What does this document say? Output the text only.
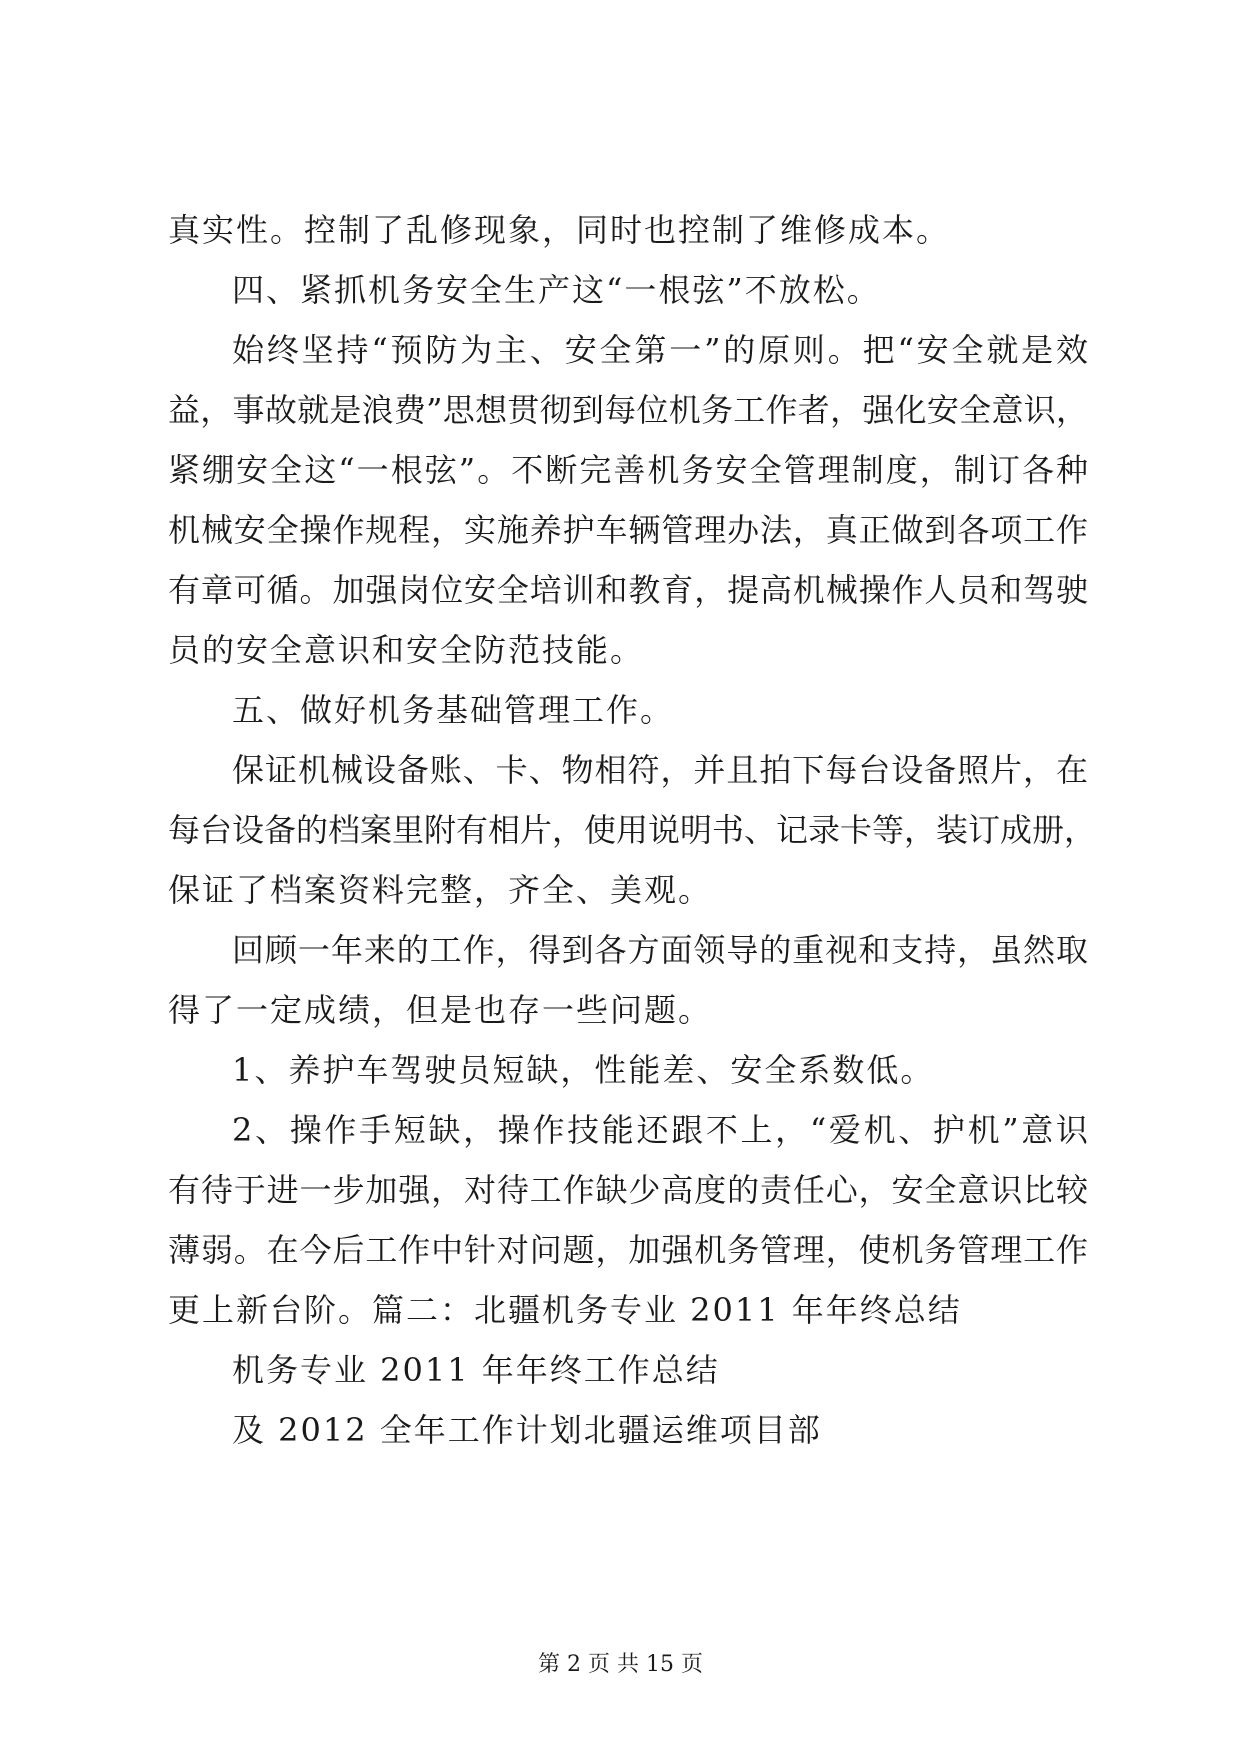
真实性。控制了乱修现象，同时也控制了维修成本。
四、紧抓机务安全生产这“一根弦”不放松。
始终坚持“预防为主、安全第一”的原则。把“安全就是效
益，事故就是浪费”思想贯彻到每位机务工作者，强化安全意识，
紧绷安全这“一根弦”。不断完善机务安全管理制度，制订各种
机械安全操作规程，实施养护车辆管理办法，真正做到各项工作
有章可循。加强岗位安全培训和教育，提高机械操作人员和驾驶
员的安全意识和安全防范技能。
五、做好机务基础管理工作。
保证机械设备账、卡、物相符，并且拍下每台设备照片，在
每台设备的档案里附有相片，使用说明书、记录卡等，装订成册，
保证了档案资料完整，齐全、美观。
回顾一年来的工作，得到各方面领导的重视和支持，虽然取
得了一定成绩，但是也存一些问题。
1、养护车驾驶员短缺，性能差、安全系数低。
2、操作手短缺，操作技能还跟不上，“爱机、护机”意识
有待于进一步加强，对待工作缺少高度的责任心，安全意识比较
薄弱。在今后工作中针对问题，加强机务管理，使机务管理工作
更上新台阶。篇二：北疆机务专业 2011 年年终总结
机务专业 2011 年年终工作总结
及 2012 全年工作计划北疆运维项目部
第 2 页 共 15 页
